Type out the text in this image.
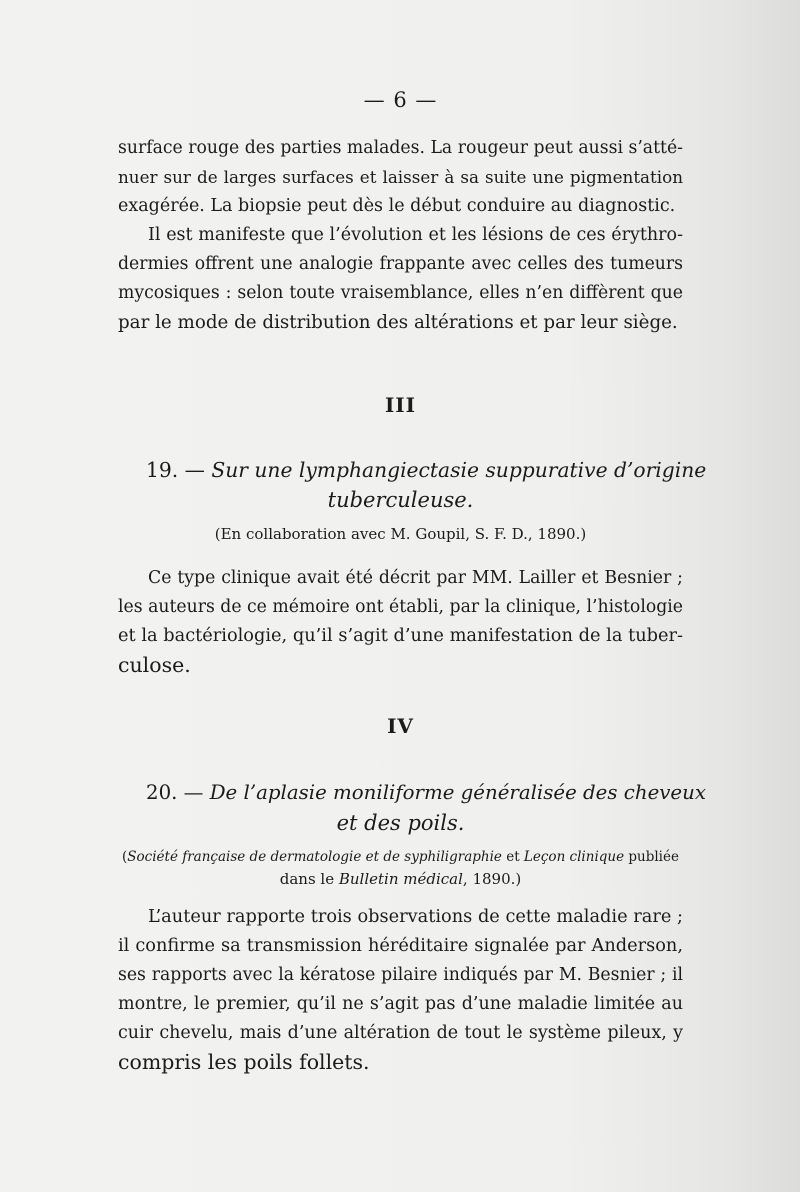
— 6 —
surface rouge des parties malades. La rougeur peut aussi s’atté-
nuer sur de larges surfaces et laisser à sa suite une pigmentation
exagérée. La biopsie peut dès le début conduire au diagnostic.
Il est manifeste que l’évolution et les lésions de ces érythro-
dermies offrent une analogie frappante avec celles des tumeurs
mycosiques : selon toute vraisemblance, elles n’en diffèrent que
par le mode de distribution des altérations et par leur siège.
III
19. — Sur une lymphangiectasie suppurative d’origine
tuberculeuse.
(En collaboration avec M. Goupil, S. F. D., 1890.)
Ce type clinique avait été décrit par MM. Lailler et Besnier ;
les auteurs de ce mémoire ont établi, par la clinique, l’histologie
et la bactériologie, qu’il s’agit d’une manifestation de la tuber-
culose.
IV
20. — De l’aplasie moniliforme généralisée des cheveux
et des poils.
(Société française de dermatologie et de syphiligraphie et Leçon clinique publiée
dans le Bulletin médical, 1890.)
L’auteur rapporte trois observations de cette maladie rare ;
il confirme sa transmission héréditaire signalée par Anderson,
ses rapports avec la kératose pilaire indiqués par M. Besnier ; il
montre, le premier, qu’il ne s’agit pas d’une maladie limitée au
cuir chevelu, mais d’une altération de tout le système pileux, y
compris les poils follets.
